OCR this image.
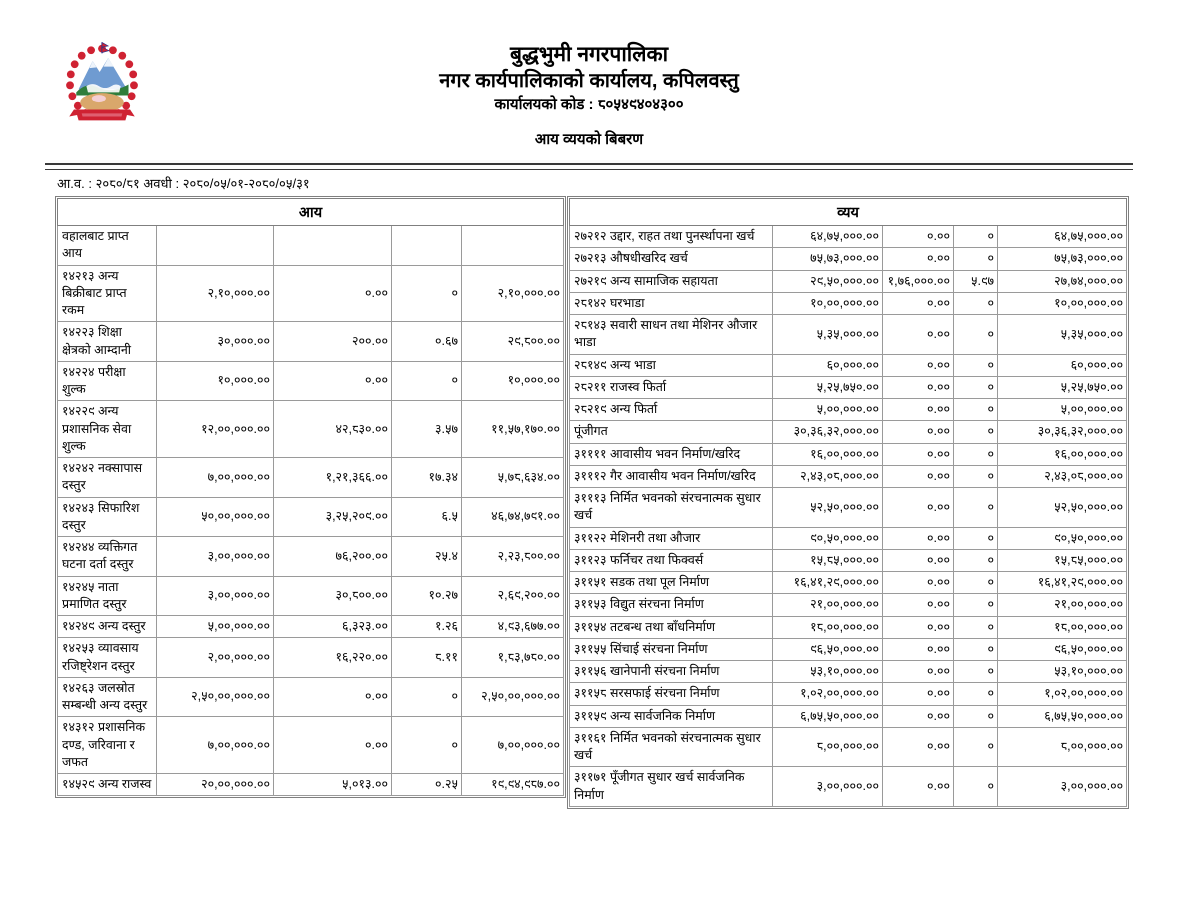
बुद्धभुमी नगरपालिका
नगर कार्यपालिकाको कार्यालय, कपिलवस्तु
कार्यालयको कोड : ८०५४९४०४३००
आय व्ययको बिबरण
आ.व. : २०८०/८१ अवधी : २०८०/०५/०१-२०८०/०५/३१
आय				
वहालबाट प्राप्त आय				
१४२१३ अन्य बिक्रीबाट प्राप्त रकम	२,१०,०००.००	०.००	०	२,१०,०००.००
१४२२३ शिक्षा क्षेत्रको आम्दानी	३०,०००.००	२००.००	०.६७	२९,८००.००
१४२२४ परीक्षा शुल्क	१०,०००.००	०.००	०	१०,०००.००
१४२२९ अन्य प्रशासनिक सेवा शुल्क	१२,००,०००.००	४२,८३०.००	३.५७	११,५७,१७०.००
१४२४२ नक्सापास दस्तुर	७,००,०००.००	१,२१,३६६.००	१७.३४	५,७८,६३४.००
१४२४३ सिफारिश दस्तुर	५०,००,०००.००	३,२५,२०९.००	६.५	४६,७४,७९१.००
१४२४४ व्यक्तिगत घटना दर्ता दस्तुर	३,००,०००.००	७६,२००.००	२५.४	२,२३,८००.००
१४२४५ नाता प्रमाणित दस्तुर	३,००,०००.००	३०,८००.००	१०.२७	२,६९,२००.००
१४२४९ अन्य दस्तुर	५,००,०००.००	६,३२३.००	१.२६	४,९३,६७७.००
१४२५३ व्यावसाय रजिष्ट्रेशन दस्तुर	२,००,०००.००	१६,२२०.००	८.११	१,८३,७८०.००
१४२६३ जलस्रोत सम्बन्धी अन्य दस्तुर	२,५०,००,०००.००	०.००	०	२,५०,००,०००.००
१४३१२ प्रशासनिक दण्ड, जरिवाना र जफत	७,००,०००.००	०.००	०	७,००,०००.००
१४५२९ अन्य राजस्व	२०,००,०००.००	५,०१३.००	०.२५	१९,९४,९८७.००
व्यय				
२७२१२ उद्दार, राहत तथा पुनर्स्थापना खर्च	६४,७५,०००.००	०.००	०	६४,७५,०००.००
२७२१३ औषधीखरिद खर्च	७५,७३,०००.००	०.००	०	७५,७३,०००.००
२७२१९ अन्य सामाजिक सहायता	२९,५०,०००.००	१,७६,०००.००	५.९७	२७,७४,०००.००
२८१४२ घरभाडा	१०,००,०००.००	०.००	०	१०,००,०००.००
२८१४३ सवारी साधन तथा मेशिनर औजार भाडा	५,३५,०००.००	०.००	०	५,३५,०००.००
२८१४९ अन्य भाडा	६०,०००.००	०.००	०	६०,०००.००
२८२११ राजस्व फिर्ता	५,२५,७५०.००	०.००	०	५,२५,७५०.००
२८२१९ अन्य फिर्ता	५,००,०००.००	०.००	०	५,००,०००.००
पूंजीगत	३०,३६,३२,०००.००	०.००	०	३०,३६,३२,०००.००
३११११ आवासीय भवन निर्माण/खरिद	१६,००,०००.००	०.००	०	१६,००,०००.००
३१११२ गैर आवासीय भवन निर्माण/खरिद	२,४३,०८,०००.००	०.००	०	२,४३,०८,०००.००
३१११३ निर्मित भवनको संरचनात्मक सुधार खर्च	५२,५०,०००.००	०.००	०	५२,५०,०००.००
३११२२ मेशिनरी तथा औजार	९०,५०,०००.००	०.००	०	९०,५०,०००.००
३११२३ फर्निचर तथा फिक्वर्स	१५,८५,०००.००	०.००	०	१५,८५,०००.००
३११५१ सडक तथा पूल निर्माण	१६,४१,२९,०००.००	०.००	०	१६,४१,२९,०००.००
३११५३ विद्युत संरचना निर्माण	२१,००,०००.००	०.००	०	२१,००,०००.००
३११५४ तटबन्ध तथा बाँधनिर्माण	१८,००,०००.००	०.००	०	१८,००,०००.००
३११५५ सिंचाई संरचना निर्माण	९६,५०,०००.००	०.००	०	९६,५०,०००.००
३११५६ खानेपानी संरचना निर्माण	५३,१०,०००.००	०.००	०	५३,१०,०००.००
३११५८ सरसफाई संरचना निर्माण	१,०२,००,०००.००	०.००	०	१,०२,००,०००.००
३११५९ अन्य सार्वजनिक निर्माण	६,७५,५०,०००.००	०.००	०	६,७५,५०,०००.००
३११६१ निर्मित भवनको संरचनात्मक सुधार खर्च	८,००,०००.००	०.००	०	८,००,०००.००
३११७१ पूँजीगत सुधार खर्च सार्वजनिक निर्माण	३,००,०००.००	०.००	०	३,००,०००.००
